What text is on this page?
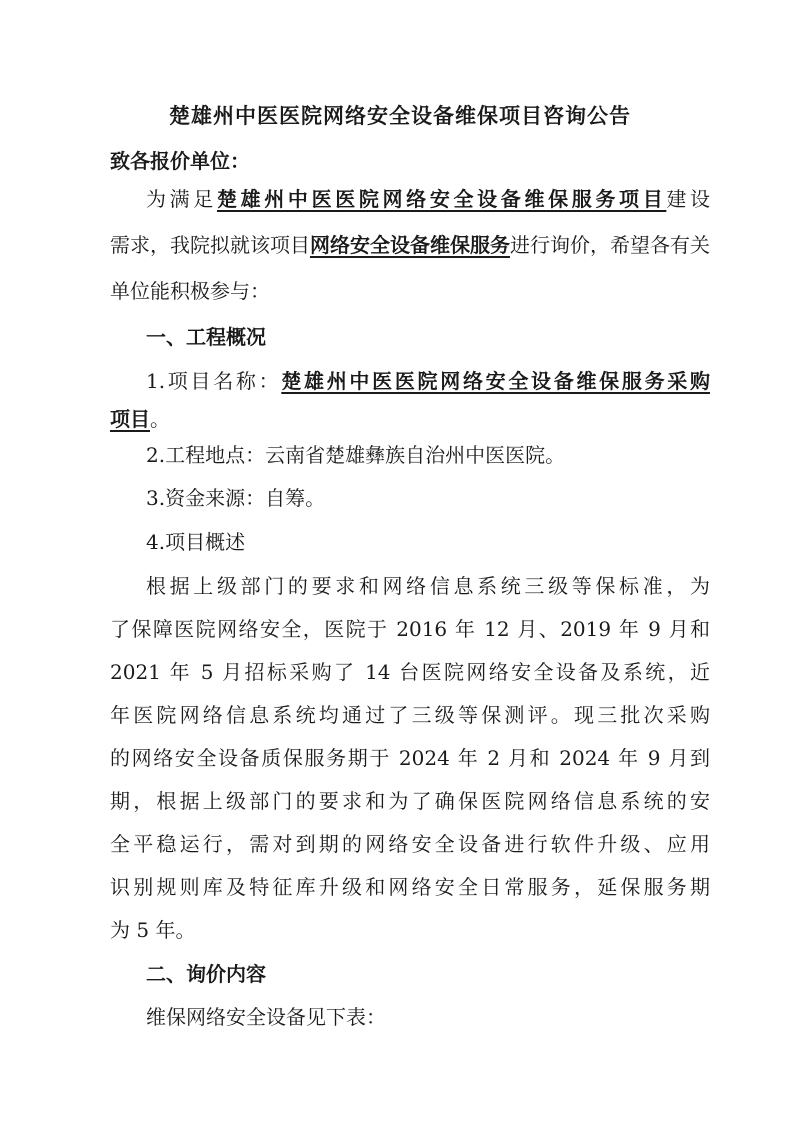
楚雄州中医医院网络安全设备维保项目咨询公告
致各报价单位：
为满足楚雄州中医医院网络安全设备维保服务项目建设
需求，我院拟就该项目网络安全设备维保服务进行询价，希望各有关
单位能积极参与：
一、工程概况
1.项目名称：楚雄州中医医院网络安全设备维保服务采购
项目。
2.工程地点：云南省楚雄彝族自治州中医医院。
3.资金来源：自筹。
4.项目概述
根据上级部门的要求和网络信息系统三级等保标准，为
了保障医院网络安全，医院于 2016 年 12 月、2019 年 9 月和
2021 年 5 月招标采购了 14 台医院网络安全设备及系统，近
年医院网络信息系统均通过了三级等保测评。现三批次采购
的网络安全设备质保服务期于 2024 年 2 月和 2024 年 9 月到
期，根据上级部门的要求和为了确保医院网络信息系统的安
全平稳运行，需对到期的网络安全设备进行软件升级、应用
识别规则库及特征库升级和网络安全日常服务，延保服务期
为 5 年。
二、询价内容
维保网络安全设备见下表：
